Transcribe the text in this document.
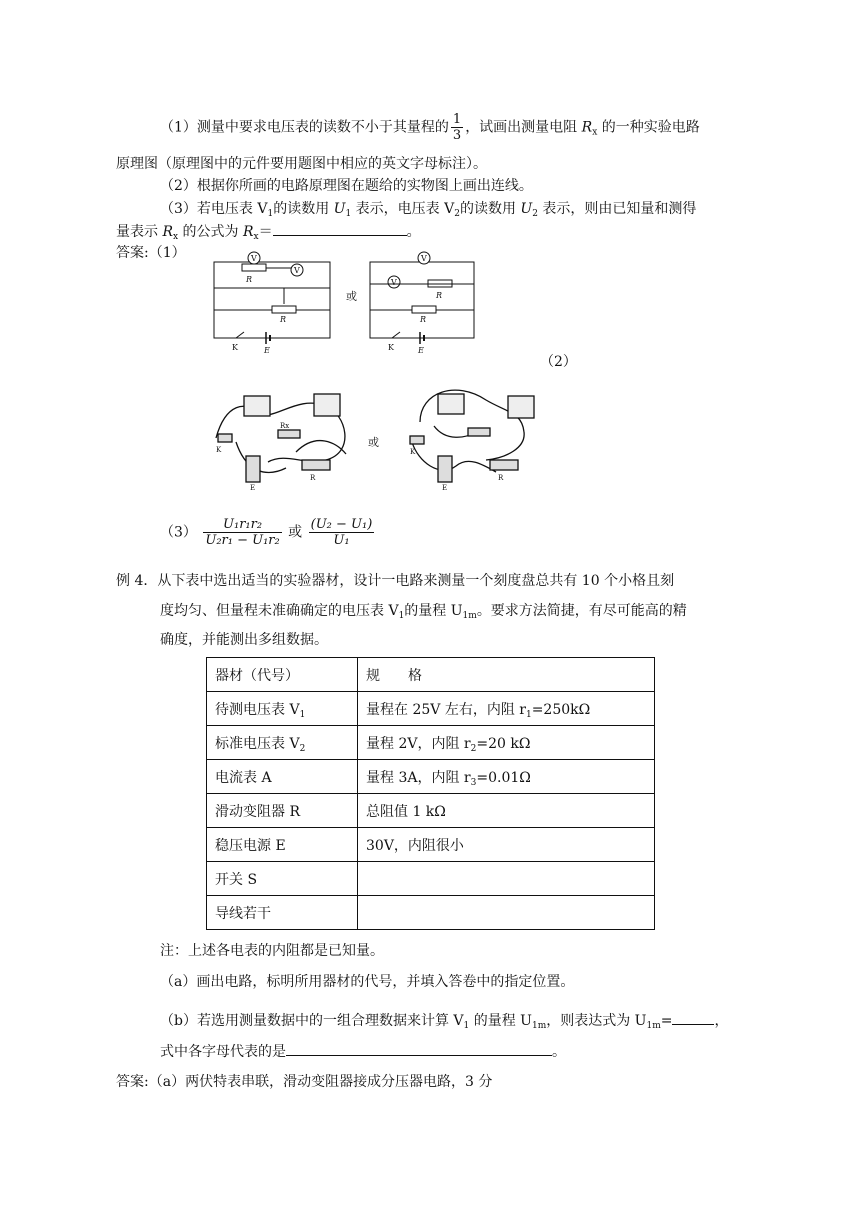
（1）测量中要求电压表的读数不小于其量程的 $\frac{1}{3}$ ，试画出测量电阻 $R_x$ 的一种实验电路
原理图（原理图中的元件要用题图中相应的英文字母标注）。
（2）根据你所画的电路原理图在题给的实物图上画出连线。
（3）若电压表 $V_1$的读数用 $U_1$ 表示，电压表 $V_2$的读数用 $U_2$ 表示，则由已知量和测得
量表示 $R_x$ 的公式为 $R_x=$	。
答案:（1）	V
V
R
R
K	E
V
V
R
R
K	E
或
（2）
K
E
R
Rx
K
E
R
或
$(3) \frac{\text{U₁r₁r₂}}{\text{U₂r₁ − U₁r₂}}$ 或 $\frac{\text{(U₂ − U₁)}}{\text{U₁}}$
例 4．从下表中选出适当的实验器材，设计一电路来测量一个刻度盘总共有 10 个小格且刻
度均匀、但量程未准确确定的电压表 $V_1$的量程 $U_{1m}$。要求方法简捷，有尽可能高的精
确度，并能测出多组数据。
器材（代号）	规　　格
待测电压表 $V_1$	量程在 25V 左右，内阻 $r_1=250k\Omega$
标准电压表 $V_2$	量程 2V，内阻 $r_2=20$ kΩ
电流表 A	量程 3A，内阻 $r_3=0.01\Omega$
滑动变阻器 R	总阻值 1 kΩ
稳压电源 E	30V，内阻很小
开关 S	
导线若干	
注：上述各电表的内阻都是已知量。
（a）画出电路，标明所用器材的代号，并填入答卷中的指定位置。
（b）若选用测量数据中的一组合理数据来计算 $V_1$ 的量程 $U_{1m}$，则表达式为 $U_{1m}=$	，
式中各字母代表的是	。
答案:（a）两伏特表串联，滑动变阻器接成分压器电路，3 分
